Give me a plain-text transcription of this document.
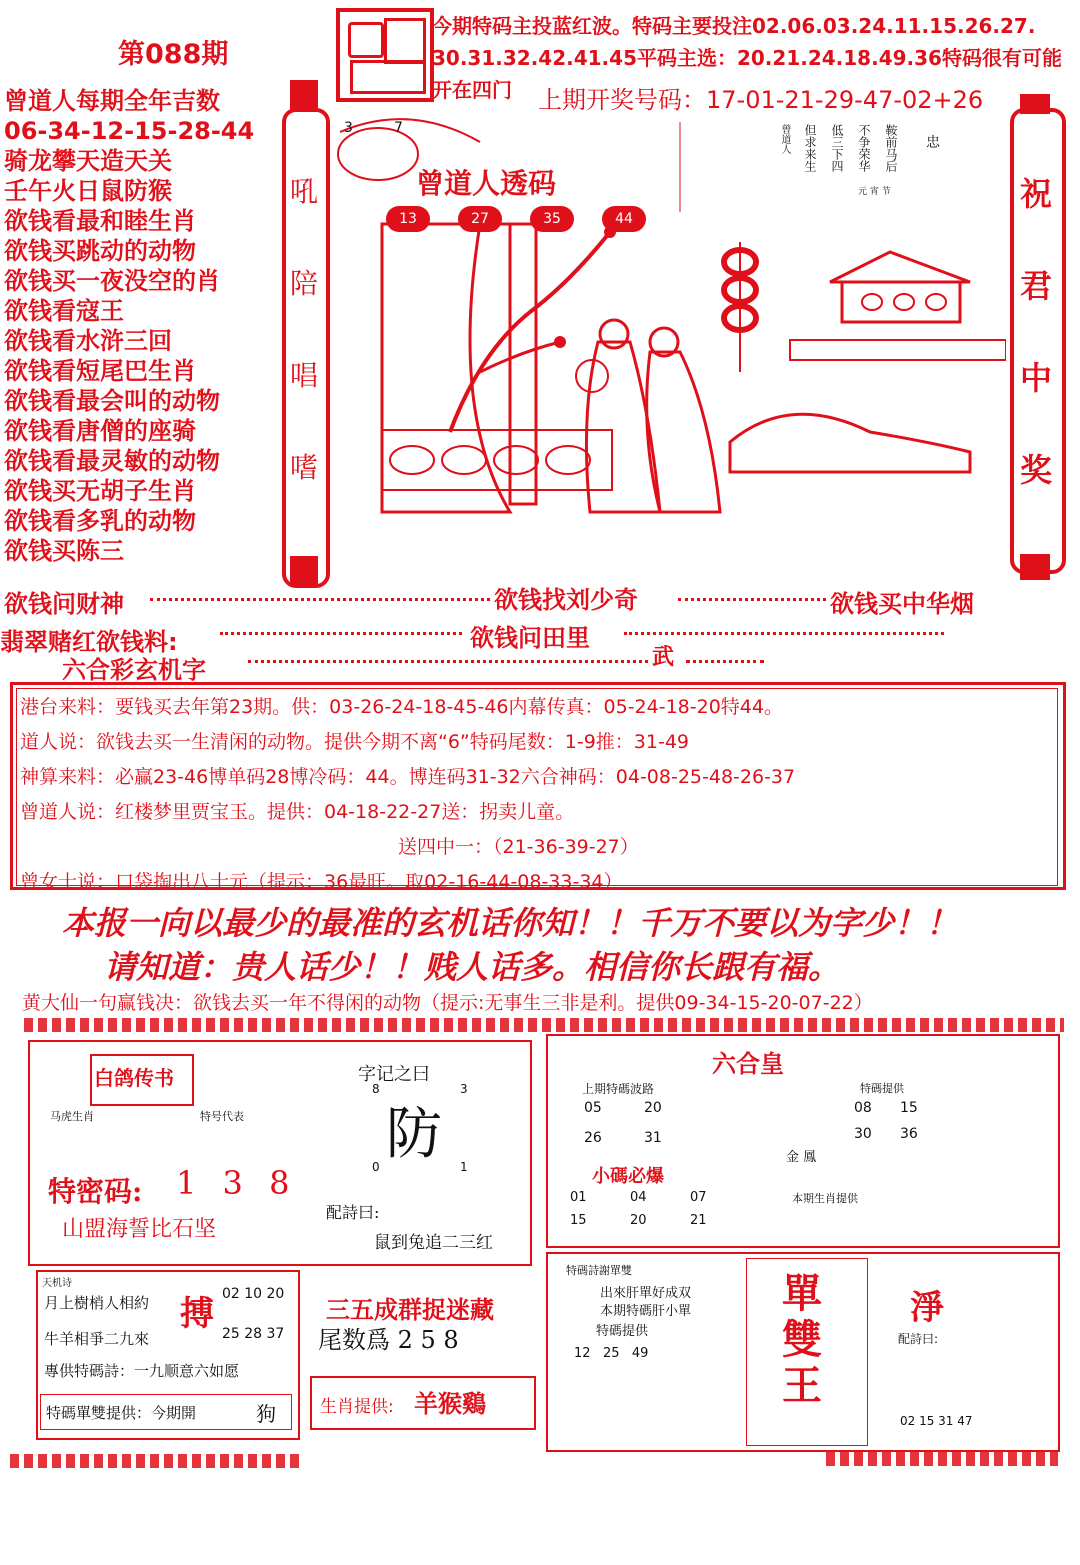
第088期
今期特码主投蓝红波。特码主要投注02.06.03.24.11.15.26.27.
30.31.32.42.41.45平码主选：20.21.24.18.49.36特码很有可能
开在四门 上期开奖号码：17-01-21-29-47-02+26
曾道人每期全年吉数
06-34-12-15-28-44
骑龙攀天造天关
壬午火日鼠防猴
欲钱看最和睦生肖
欲钱买跳动的动物
欲钱买一夜没空的肖
欲钱看寇王
欲钱看水浒三回
欲钱看短尾巴生肖
欲钱看最会叫的动物
欲钱看唐僧的座骑
欲钱看最灵敏的动物
欲钱买无胡子生肖
欲钱看多乳的动物
欲钱买陈三
吼
陪
唱
嗜
祝
君
中
奖
3	7
曾道人透码
13	27	35	44
鞍前马后
不争荣华
低三下四
但求来生
曾道人	忠
元 宵 节
欲钱问财神	欲钱找刘少奇	欲钱买中华烟
翡翠赌红欲钱料:	欲钱问田里
六合彩玄机字	武
港台来料：要钱买去年第23期。供：03-26-24-18-45-46内幕传真：05-24-18-20特44。
道人说：欲钱去买一生清闲的动物。提供今期不离“6”特码尾数：1-9推：31-49
神算来料：必赢23-46博单码28博冷码：44。博连码31-32六合神码：04-08-25-48-26-37
曾道人说：红楼梦里贾宝玉。提供：04-18-22-27送：拐卖儿童。
送四中一：（21-36-39-27）
曾女士说：口袋掏出八十元（提示：36最旺。取02-16-44-08-33-34）
本报一向以最少的最准的玄机话你知！！千万不要以为字少！！
请知道：贵人话少！！贱人话多。相信你长跟有福。
黄大仙一句赢钱决：欲钱去买一年不得闲的动物（提示:无事生三非是利。提供09-34-15-20-07-22）
白鸽传书
马虎生肖	特号代表
特密码: 1 3 8
山盟海誓比石坚
字记之曰
8	3
防
0	1
配詩曰:
鼠到兔追二三红
天机诗
月上樹梢人相約
牛羊相爭二九來
搏 02 10 20
25 28 37
專供特碼詩：一九顺意六如愿
特碼單雙提供：今期開	狗
三五成群捉迷藏
尾数爲 2 5 8
生肖提供: 羊猴鷄
六合皇
上期特碼波路
05	20
26	31
08	15
30	36
金 鳳
小碼必爆
01	04	07
15	20	21
本期生肖提供
特碼提供
特碼詩謝單雙
出來肝單好成双
本期特碼肝小單
特碼提供
12   25   49
單
雙
王
淨
配詩曰:
02 15 31 47
